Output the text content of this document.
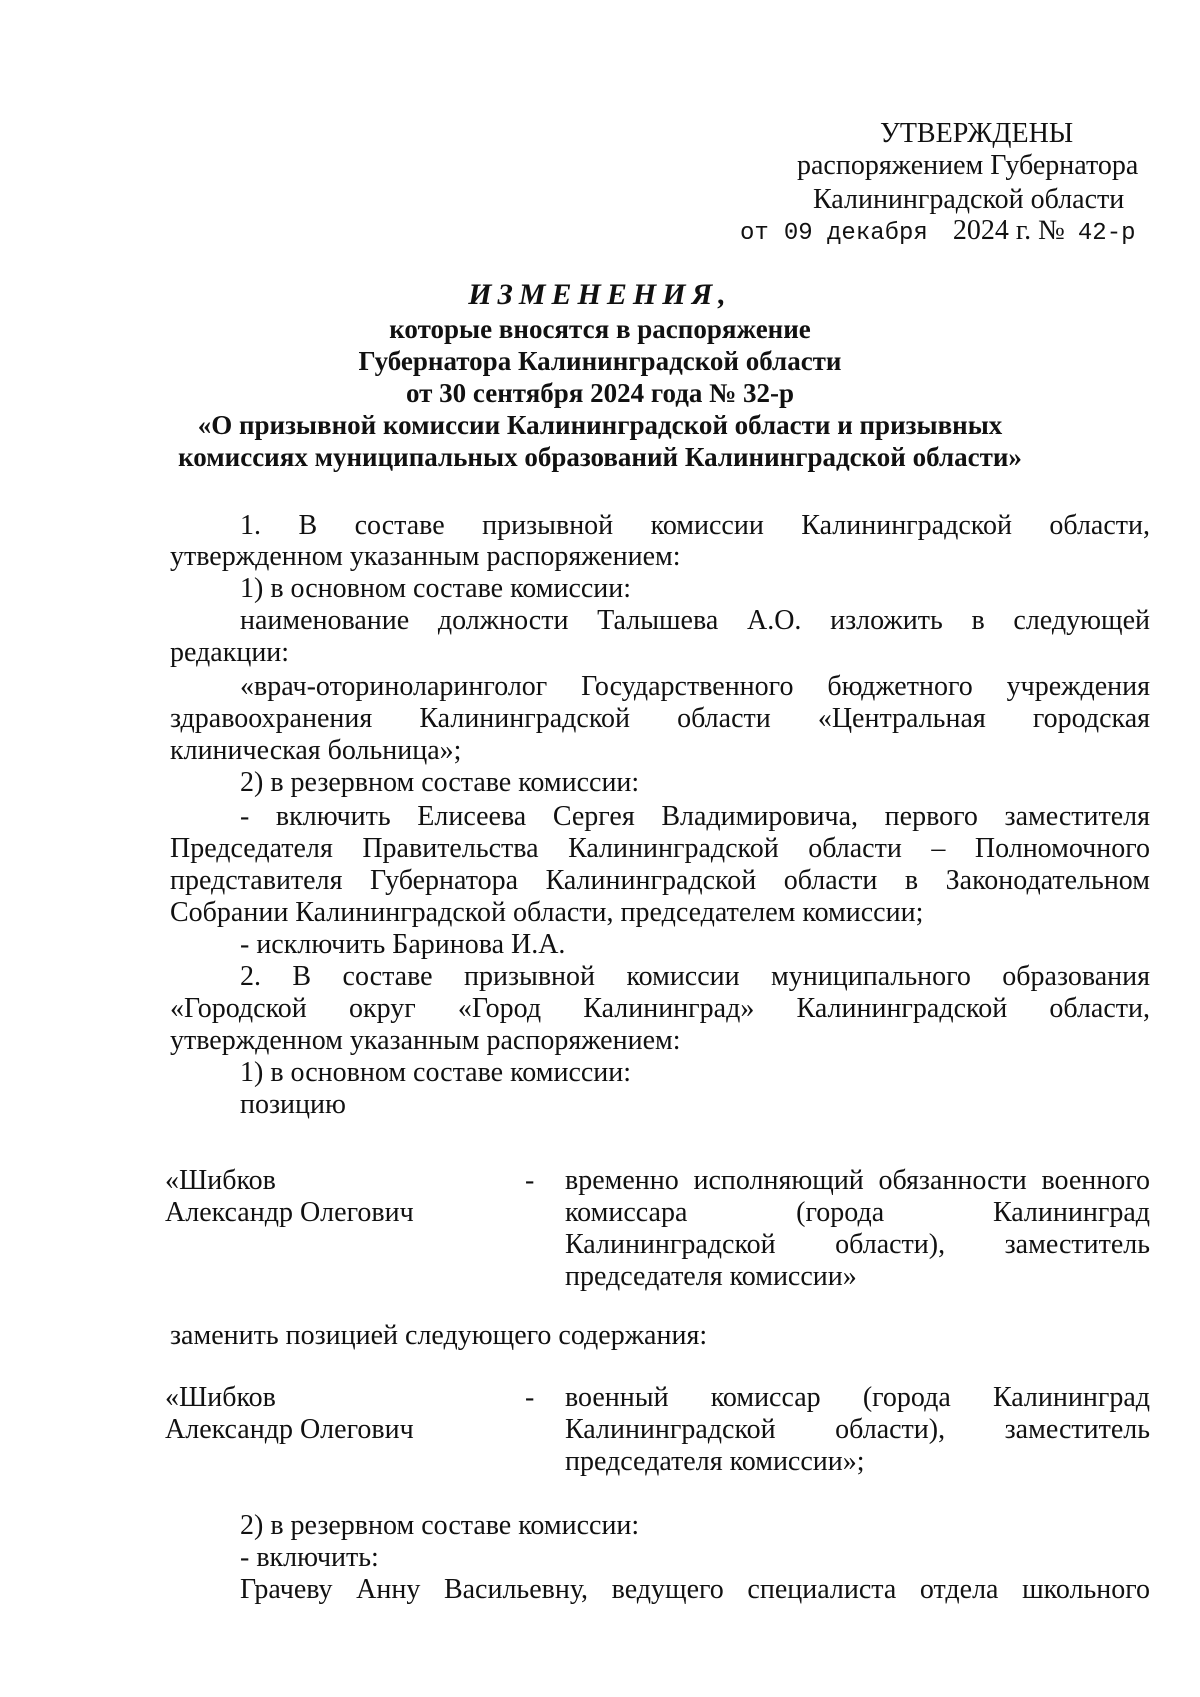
УТВЕРЖДЕНЫ
распоряжением Губернатора
Калининградской области
от 09 декабря 2024 г. № 42-р
ИЗМЕНЕНИЯ,
которые вносятся в распоряжение
Губернатора Калининградской области
от 30 сентября 2024 года № 32-р
«О призывной комиссии Калининградской области и призывных
комиссиях муниципальных образований Калининградской области»
1. В составе призывной комиссии Калининградской области,
утвержденном указанным распоряжением:
1) в основном составе комиссии:
наименование должности Талышева А.О. изложить в следующей
редакции:
«врач-оториноларинголог Государственного бюджетного учреждения
здравоохранения Калининградской области «Центральная городская
клиническая больница»;
2) в резервном составе комиссии:
- включить Елисеева Сергея Владимировича, первого заместителя
Председателя Правительства Калининградской области – Полномочного
представителя Губернатора Калининградской области в Законодательном
Собрании Калининградской области, председателем комиссии;
- исключить Баринова И.А.
2. В составе призывной комиссии муниципального образования
«Городской округ «Город Калининград» Калининградской области,
утвержденном указанным распоряжением:
1) в основном составе комиссии:
позицию
«Шибков
Александр Олегович
- временно исполняющий обязанности военного
комиссара (города Калининград
Калининградской области), заместитель
председателя комиссии»
заменить позицией следующего содержания:
«Шибков
Александр Олегович
- военный комиссар (города Калининград
Калининградской области), заместитель
председателя комиссии»;
2) в резервном составе комиссии:
- включить:
Грачеву Анну Васильевну, ведущего специалиста отдела школьного
